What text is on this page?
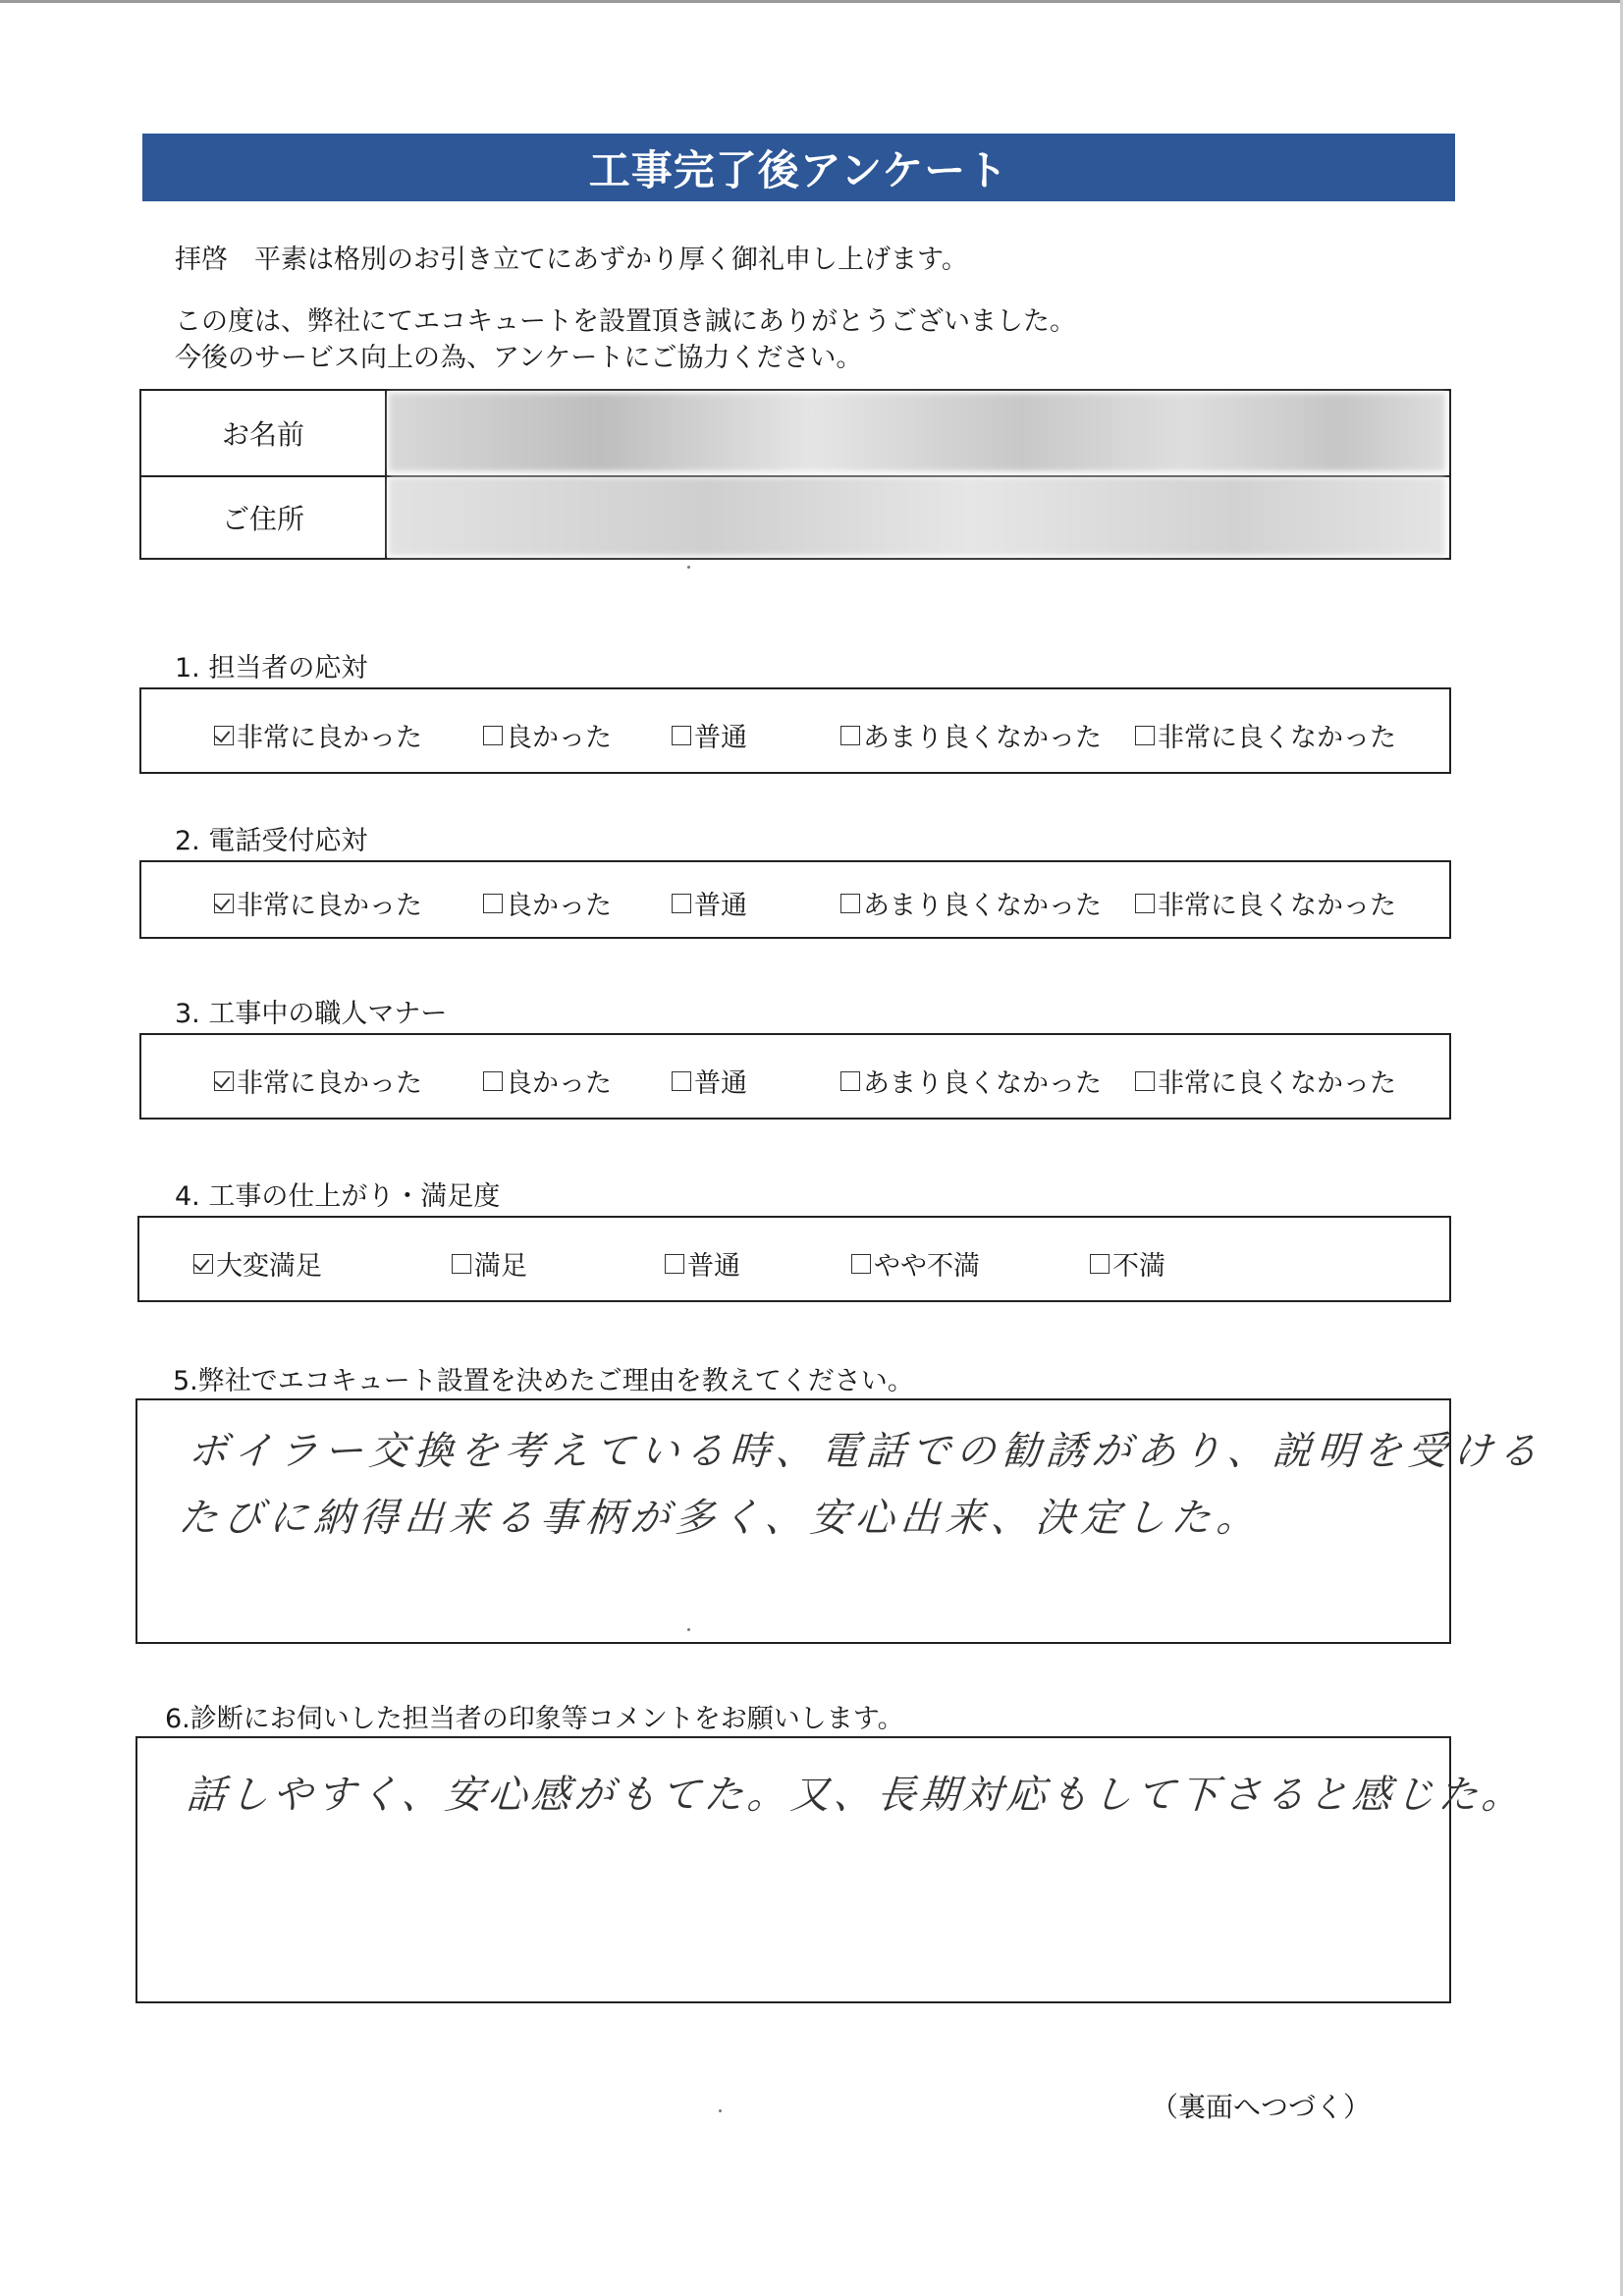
工事完了後アンケート
拝啓　平素は格別のお引き立てにあずかり厚く御礼申し上げます。
この度は、弊社にてエコキュートを設置頂き誠にありがとうございました。
今後のサービス向上の為、アンケートにご協力ください。
お名前
ご住所
1. 担当者の応対
非常に良かった	良かった	普通	あまり良くなかった 非常に良くなかった
2. 電話受付応対
非常に良かった	良かった	普通	あまり良くなかった 非常に良くなかった
3. 工事中の職人マナー
非常に良かった	良かった	普通	あまり良くなかった 非常に良くなかった
4. 工事の仕上がり・満足度
大変満足	満足	普通	やや不満	不満
5.弊社でエコキュート設置を決めたご理由を教えてください。
ボイラー交換を考えている時、電話での勧誘があり、説明を受ける
たびに納得出来る事柄が多く、安心出来、決定した。
6.診断にお伺いした担当者の印象等コメントをお願いします。
話しやすく、安心感がもてた。又、長期対応もして下さると感じた。
（裏面へつづく）
